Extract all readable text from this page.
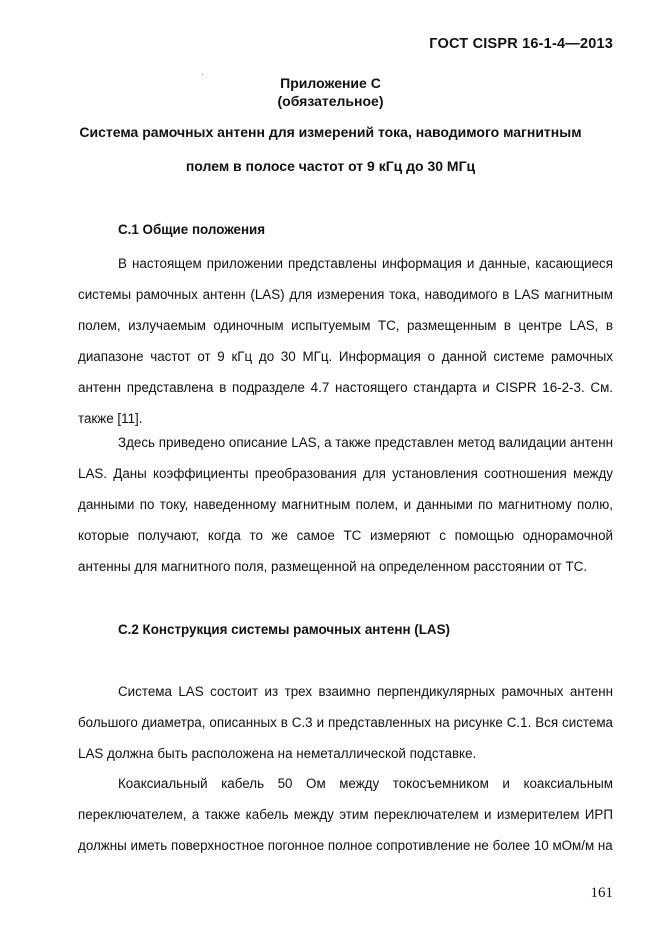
ГОСТ CISPR 16-1-4—2013
Приложение С
(обязательное)
Система рамочных антенн для измерений тока, наводимого магнитным
полем в полосе частот от 9 кГц до 30 МГц
С.1 Общие положения

В настоящем приложении представлены информация и данные, касающиеся системы рамочных антенн (LAS) для измерения тока, наводимого в LAS магнитным полем, излучаемым одиночным испытуемым ТС, размещенным в центре LAS, в диапазоне частот от 9 кГц до 30 МГц. Информация о данной системе рамочных антенн представлена в подразделе 4.7 настоящего стандарта и CISPR 16-2-3. См. также [11].

Здесь приведено описание LAS, а также представлен метод валидации антенн LAS. Даны коэффициенты преобразования для установления соотношения между данными по току, наведенному магнитным полем, и данными по магнитному полю, которые получают, когда то же самое ТС измеряют с помощью однорамочной антенны для магнитного поля, размещенной на определенном расстоянии от ТС.

С.2 Конструкция системы рамочных антенн (LAS)

Система LAS состоит из трех взаимно перпендикулярных рамочных антенн большого диаметра, описанных в С.3 и представленных на рисунке С.1. Вся система LAS должна быть расположена на неметаллической подставке.

Коаксиальный кабель 50 Ом между токосъемником и коаксиальным переключателем, а также кабель между этим переключателем и измерителем ИРП должны иметь поверхностное погонное полное сопротивление не более 10 мОм/м на

161
